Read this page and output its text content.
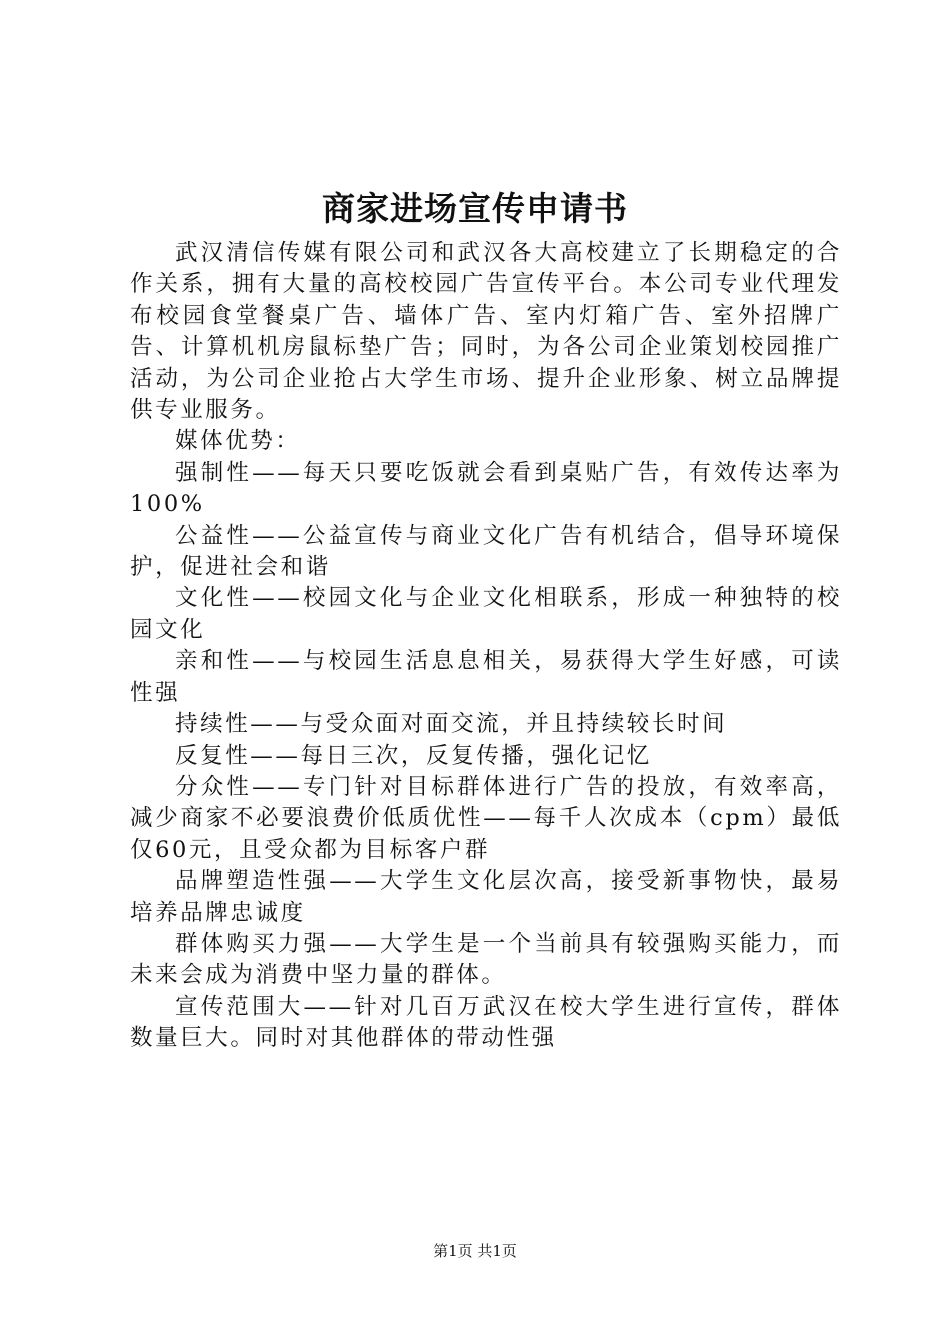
商家进场宣传申请书

武汉清信传媒有限公司和武汉各大高校建立了长期稳定的合作关系，拥有大量的高校校园广告宣传平台。本公司专业代理发布校园食堂餐桌广告、墙体广告、室内灯箱广告、室外招牌广告、计算机机房鼠标垫广告；同时，为各公司企业策划校园推广活动，为公司企业抢占大学生市场、提升企业形象、树立品牌提供专业服务。

媒体优势：

强制性——每天只要吃饭就会看到桌贴广告，有效传达率为100%

公益性——公益宣传与商业文化广告有机结合，倡导环境保护，促进社会和谐

文化性——校园文化与企业文化相联系，形成一种独特的校园文化

亲和性——与校园生活息息相关，易获得大学生好感，可读性强

持续性——与受众面对面交流，并且持续较长时间

反复性——每日三次，反复传播，强化记忆

分众性——专门针对目标群体进行广告的投放，有效率高，减少商家不必要浪费价低质优性——每千人次成本（cpm）最低仅60元，且受众都为目标客户群

品牌塑造性强——大学生文化层次高，接受新事物快，最易培养品牌忠诚度

群体购买力强——大学生是一个当前具有较强购买能力，而未来会成为消费中坚力量的群体。

宣传范围大——针对几百万武汉在校大学生进行宣传，群体数量巨大。同时对其他群体的带动性强

第1页 共1页
